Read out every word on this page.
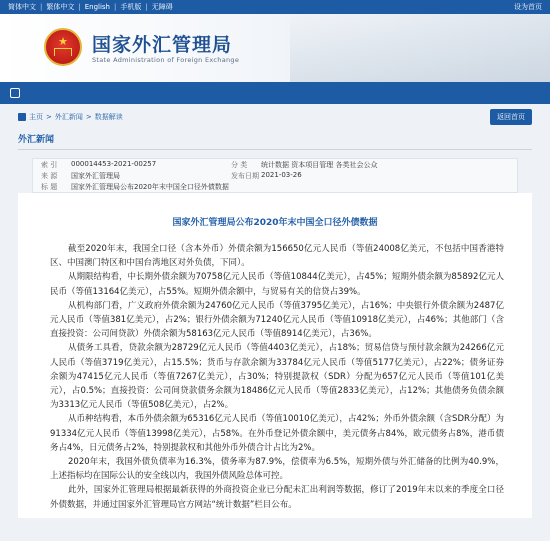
简体中文 | 繁体中文 | English | 手机版 | 无障碍	设为首页
★ 国家外汇管理局
State Administration of Foreign Exchange
主页 > 外汇新闻 > 数据解读	返回首页
外汇新闻
索 引	000014453-2021-00257	分 类	统计数据 资本项目管理 各类社会公众
来 源	国家外汇管理局	发布日期 2021-03-26
标 题	国家外汇管理局公布2020年末中国全口径外债数据
国家外汇管理局公布2020年末中国全口径外债数据

截至2020年末，我国全口径（含本外币）外债余额为156650亿元人民币（等值24008亿美元，不包括中国香港特区、中国澳门特区和中国台湾地区对外负债，下同）。

从期限结构看，中长期外债余额为70758亿元人民币（等值10844亿美元），占45%；短期外债余额为85892亿元人民币（等值13164亿美元），占55%。短期外债余额中，与贸易有关的信贷占39%。

从机构部门看，广义政府外债余额为24760亿元人民币（等值3795亿美元），占16%；中央银行外债余额为2487亿元人民币（等值381亿美元），占2%；银行外债余额为71240亿元人民币（等值10918亿美元），占46%；其他部门（含直接投资：公司间贷款）外债余额为58163亿元人民币（等值8914亿美元），占36%。

从债务工具看，贷款余额为28729亿元人民币（等值4403亿美元），占18%；贸易信贷与预付款余额为24266亿元人民币（等值3719亿美元），占15.5%；货币与存款余额为33784亿元人民币（等值5177亿美元），占22%；债务证券余额为47415亿元人民币（等值7267亿美元），占30%；特别提款权（SDR）分配为657亿元人民币（等值101亿美元），占0.5%；直接投资：公司间贷款债务余额为18486亿元人民币（等值2833亿美元），占12%；其他债务负债余额为3313亿元人民币（等值508亿美元），占2%。

从币种结构看，本币外债余额为65316亿元人民币（等值10010亿美元），占42%；外币外债余额（含SDR分配）为91334亿元人民币（等值13998亿美元），占58%。在外币登记外债余额中，美元债务占84%，欧元债务占8%，港币债务占4%，日元债务占2%，特别提款权和其他外币外债合计占比为2%。

2020年末，我国外债负债率为16.3%，债务率为87.9%，偿债率为6.5%，短期外债与外汇储备的比例为40.9%，上述指标均在国际公认的安全线以内，我国外债风险总体可控。

此外，国家外汇管理局根据最新获得的外商投资企业已分配未汇出利润等数据，修订了2019年末以来的季度全口径外债数据，并通过国家外汇管理局官方网站“统计数据”栏目公布。
